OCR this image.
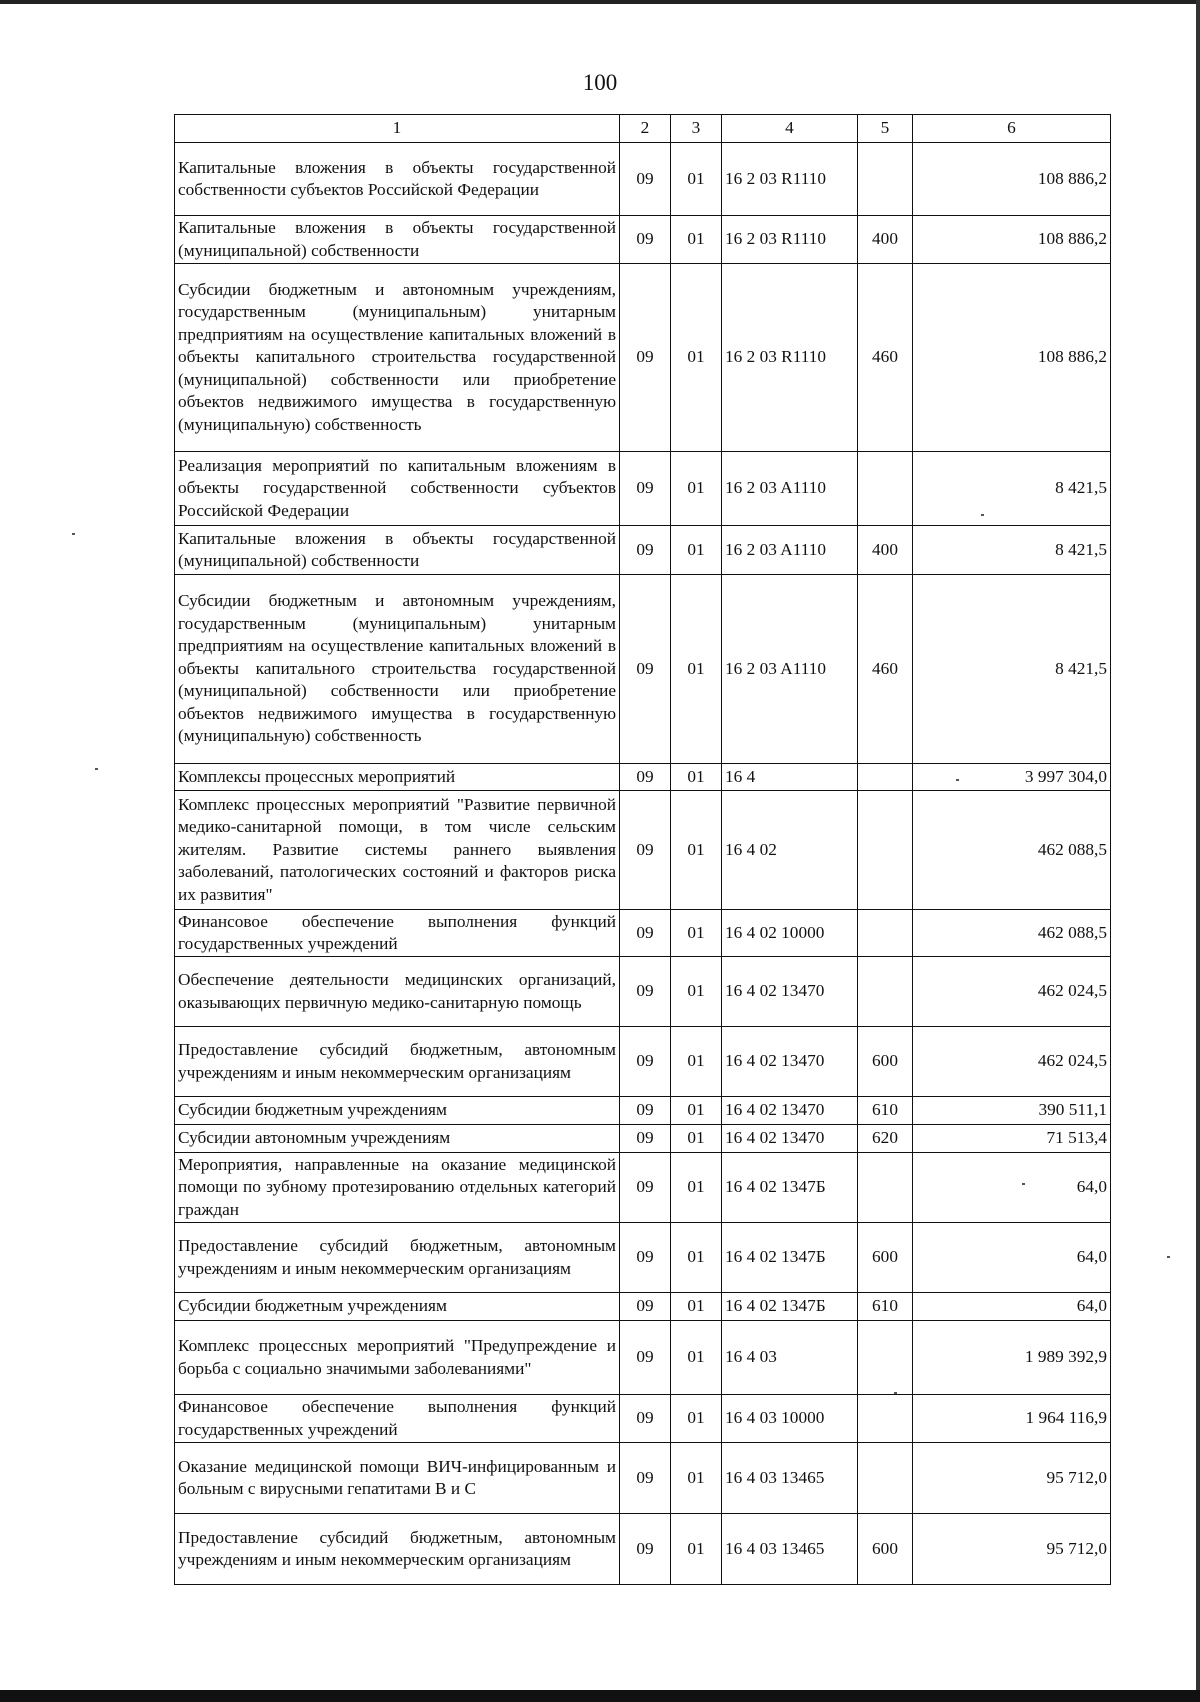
100
1	2	3	4	5	6
Капитальные вложения в объекты государственной собственности субъектов Российской Федерации	09	01	16 2 03 R1110		108 886,2
Капитальные вложения в объекты государственной (муниципальной) собственности	09	01	16 2 03 R1110	400	108 886,2
Субсидии бюджетным и автономным учреждениям, государственным (муниципальным) унитарным предприятиям на осуществление капитальных вложений в объекты капитального строительства государственной (муниципальной) собственности или приобретение объектов недвижимого имущества в государственную (муниципальную) собственность	09	01	16 2 03 R1110	460	108 886,2
Реализация мероприятий по капитальным вложениям в объекты государственной собственности субъектов Российской Федерации	09	01	16 2 03 A1110		8 421,5
Капитальные вложения в объекты государственной (муниципальной) собственности	09	01	16 2 03 A1110	400	8 421,5
Субсидии бюджетным и автономным учреждениям, государственным (муниципальным) унитарным предприятиям на осуществление капитальных вложений в объекты капитального строительства государственной (муниципальной) собственности или приобретение объектов недвижимого имущества в государственную (муниципальную) собственность	09	01	16 2 03 A1110	460	8 421,5
Комплексы процессных мероприятий	09	01	16 4		3 997 304,0
Комплекс процессных мероприятий "Развитие первичной медико-санитарной помощи, в том числе сельским жителям. Развитие системы раннего выявления заболеваний, патологических состояний и факторов риска их развития"	09	01	16 4 02		462 088,5
Финансовое обеспечение выполнения функций государственных учреждений	09	01	16 4 02 10000		462 088,5
Обеспечение деятельности медицинских организаций, оказывающих первичную медико-санитарную помощь	09	01	16 4 02 13470		462 024,5
Предоставление субсидий бюджетным, автономным учреждениям и иным некоммерческим организациям	09	01	16 4 02 13470	600	462 024,5
Субсидии бюджетным учреждениям	09	01	16 4 02 13470	610	390 511,1
Субсидии автономным учреждениям	09	01	16 4 02 13470	620	71 513,4
Мероприятия, направленные на оказание медицинской помощи по зубному протезированию отдельных категорий граждан	09	01	16 4 02 1347Б		64,0
Предоставление субсидий бюджетным, автономным учреждениям и иным некоммерческим организациям	09	01	16 4 02 1347Б	600	64,0
Субсидии бюджетным учреждениям	09	01	16 4 02 1347Б	610	64,0
Комплекс процессных мероприятий "Предупреждение и борьба с социально значимыми заболеваниями"	09	01	16 4 03		1 989 392,9
Финансовое обеспечение выполнения функций государственных учреждений	09	01	16 4 03 10000		1 964 116,9
Оказание медицинской помощи ВИЧ-инфицированным и больным с вирусными гепатитами В и С	09	01	16 4 03 13465		95 712,0
Предоставление субсидий бюджетным, автономным учреждениям и иным некоммерческим организациям	09	01	16 4 03 13465	600	95 712,0
